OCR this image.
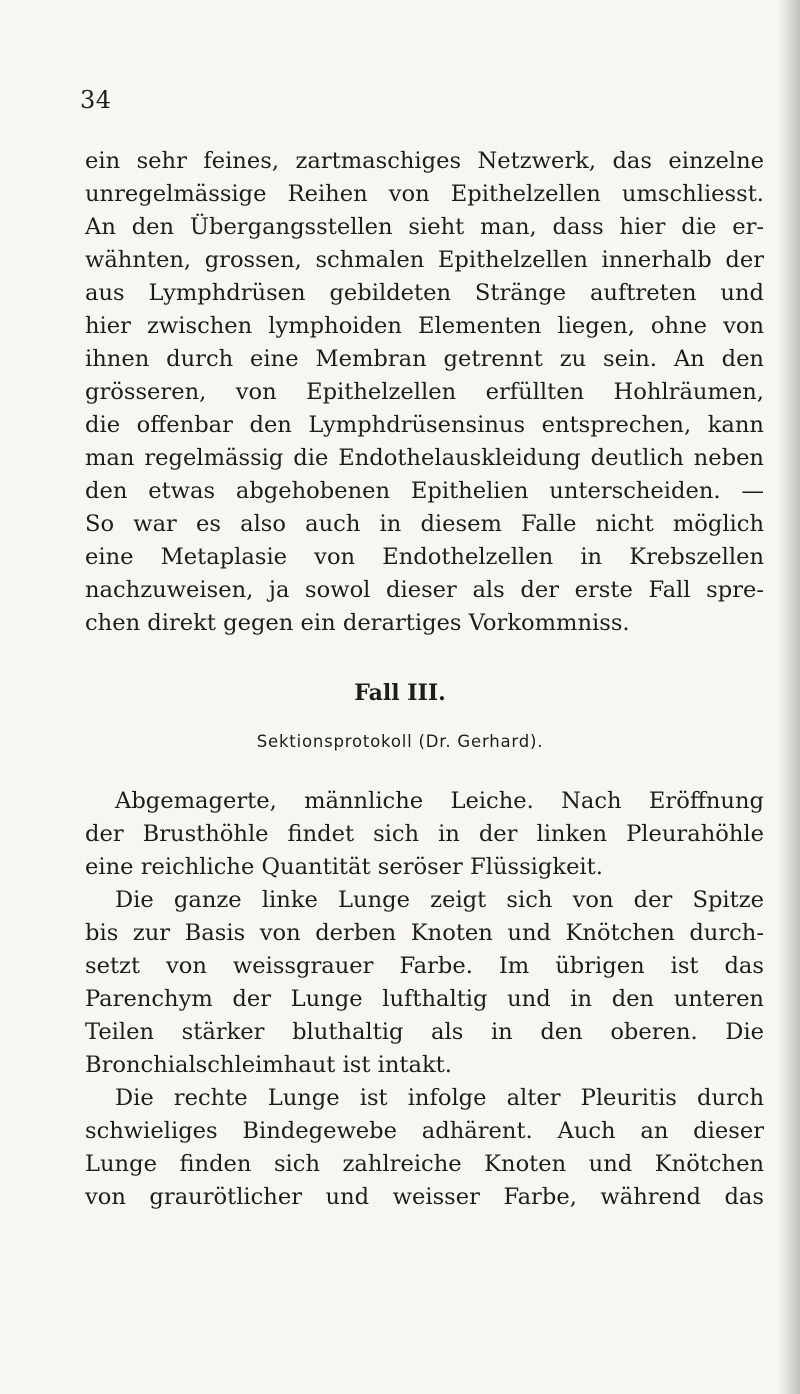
34
ein sehr feines, zartmaschiges Netzwerk, das einzelne
unregelmässige Reihen von Epithelzellen umschliesst.
An den Übergangsstellen sieht man, dass hier die er-
wähnten, grossen, schmalen Epithelzellen innerhalb der
aus Lymphdrüsen gebildeten Stränge auftreten und
hier zwischen lymphoiden Elementen liegen, ohne von
ihnen durch eine Membran getrennt zu sein. An den
grösseren, von Epithelzellen erfüllten Hohlräumen,
die offenbar den Lymphdrüsensinus entsprechen, kann
man regelmässig die Endothelauskleidung deutlich neben
den etwas abgehobenen Epithelien unterscheiden. —
So war es also auch in diesem Falle nicht möglich
eine Metaplasie von Endothelzellen in Krebszellen
nachzuweisen, ja sowol dieser als der erste Fall spre-
chen direkt gegen ein derartiges Vorkommniss.
Fall III.
Sektionsprotokoll (Dr. Gerhard).
Abgemagerte, männliche Leiche. Nach Eröffnung
der Brusthöhle findet sich in der linken Pleurahöhle
eine reichliche Quantität seröser Flüssigkeit.
Die ganze linke Lunge zeigt sich von der Spitze
bis zur Basis von derben Knoten und Knötchen durch-
setzt von weissgrauer Farbe. Im übrigen ist das
Parenchym der Lunge lufthaltig und in den unteren
Teilen stärker bluthaltig als in den oberen. Die
Bronchialschleimhaut ist intakt.
Die rechte Lunge ist infolge alter Pleuritis durch
schwieliges Bindegewebe adhärent. Auch an dieser
Lunge finden sich zahlreiche Knoten und Knötchen
von graurötlicher und weisser Farbe, während das
